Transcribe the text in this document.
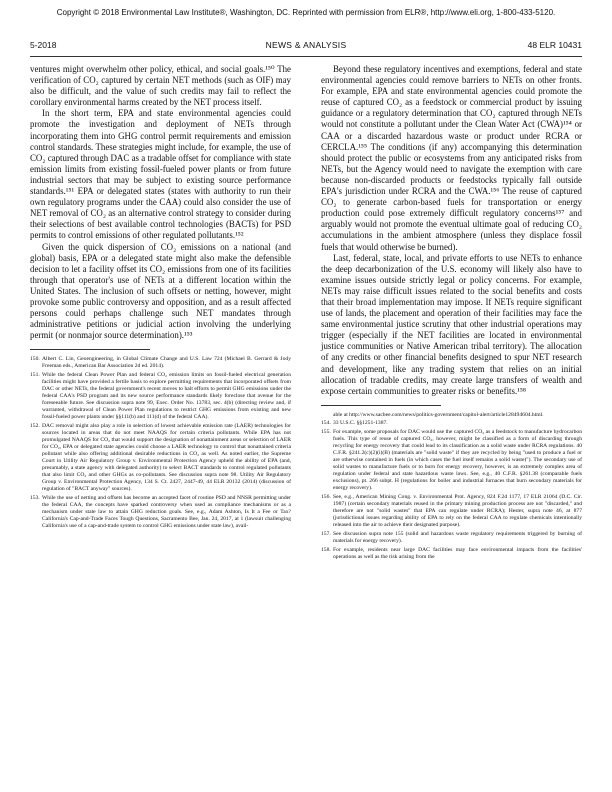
Copyright © 2018 Environmental Law Institute®, Washington, DC. Reprinted with permission from ELR®, http://www.eli.org, 1-800-433-5120.
5-2018	NEWS & ANALYSIS	48 ELR 10431

ventures might overwhelm other policy, ethical, and social goals.¹⁵⁰ The verification of CO₂ captured by certain NET methods (such as OIF) may also be difficult, and the value of such credits may fail to reflect the corollary environmental harms created by the NET process itself.

In the short term, EPA and state environmental agencies could promote the investigation and deployment of NETs through incorporating them into GHG control permit requirements and emission control standards. These strategies might include, for example, the use of CO₂ captured through DAC as a tradable offset for compliance with state emission limits from existing fossil-fueled power plants or from future industrial sectors that may be subject to existing source performance standards.¹⁵¹ EPA or delegated states (states with authority to run their own regulatory programs under the CAA) could also consider the use of NET removal of CO₂ as an alternative control strategy to consider during their selections of best available control technologies (BACTs) for PSD permits to control emissions of other regulated pollutants.¹⁵²

Given the quick dispersion of CO₂ emissions on a national (and global) basis, EPA or a delegated state might also make the defensible decision to let a facility offset its CO₂ emissions from one of its facilities through that operator's use of NETs at a different location within the United States. The inclusion of such offsets or netting, however, might provoke some public controversy and opposition, and as a result affected persons could perhaps challenge such NET mandates through administrative petitions or judicial action involving the underlying permit (or nonmajor source determination).¹⁵³

150. Albert C. Lin, Geoengineering, in Global Climate Change and U.S. Law 724 (Michael B. Gerrard & Jody Freeman eds., American Bar Association 2d ed. 2014).
151. While the federal Clean Power Plan and federal CO₂ emission limits on fossil-fueled electrical generation facilities might have provided a fertile basis to explore permitting requirements that incorporated offsets from DAC or other NETs, the federal government's recent moves to halt efforts to permit GHG emissions under the federal CAA's PSD program and its new source performance standards likely foreclose that avenue for the foreseeable future. See discussion supra note 99, Exec. Order No. 13783, sec. 4(b) (directing review and, if warranted, withdrawal of Clean Power Plan regulations to restrict GHG emissions from existing and new fossil-fueled power plants under §§111(b) and 111(d) of the federal CAA).
152. DAC removal might also play a role in selection of lowest achievable emission rate (LAER) technologies for sources located in areas that do not meet NAAQS for certain criteria pollutants. While EPA has not promulgated NAAQS for CO₂ that would support the designation of nonattainment areas or selection of LAER for CO₂, EPA or delegated state agencies could choose a LAER technology to control that nonattained criteria pollutant while also offering additional desirable reductions in CO₂ as well. As noted earlier, the Supreme Court in Utility Air Regulatory Group v. Environmental Protection Agency upheld the ability of EPA (and, presumably, a state agency with delegated authority) to select BACT standards to control regulated pollutants that also limit CO₂ and other GHGs as co-pollutants. See discussion supra note 98. Utility Air Regulatory Group v. Environmental Protection Agency, 134 S. Ct. 2427, 2447-49, 44 ELR 20132 (2014) (discussion of regulation of "BACT anyway" sources).
153. While the use of netting and offsets has become an accepted facet of routine PSD and NNSR permitting under the federal CAA, the concepts have sparked controversy when used as compliance mechanisms or as a mechanism under state law to attain GHG reduction goals. See, e.g., Adam Ashton, Is It a Fee or Tax? California's Cap-and-Trade Faces Tough Questions, Sacramento Bee, Jan. 24, 2017, at 1 (lawsuit challenging California's use of a cap-and-trade system to control GHG emissions under state law), avail-

Beyond these regulatory incentives and exemptions, federal and state environmental agencies could remove barriers to NETs on other fronts. For example, EPA and state environmental agencies could promote the reuse of captured CO₂ as a feedstock or commercial product by issuing guidance or a regulatory determination that CO₂ captured through NETs would not constitute a pollutant under the Clean Water Act (CWA)¹⁵⁴ or CAA or a discarded hazardous waste or product under RCRA or CERCLA.¹⁵⁵ The conditions (if any) accompanying this determination should protect the public or ecosystems from any anticipated risks from NETs, but the Agency would need to navigate the exemption with care because non-discarded products or feedstocks typically fall outside EPA's jurisdiction under RCRA and the CWA.¹⁵⁶ The reuse of captured CO₂ to generate carbon-based fuels for transportation or energy production could pose extremely difficult regulatory concerns¹⁵⁷ and arguably would not promote the eventual ultimate goal of reducing CO₂ accumulations in the ambient atmosphere (unless they displace fossil fuels that would otherwise be burned).

Last, federal, state, local, and private efforts to use NETs to enhance the deep decarbonization of the U.S. economy will likely also have to examine issues outside strictly legal or policy concerns. For example, NETs may raise difficult issues related to the social benefits and costs that their broad implementation may impose. If NETs require significant use of lands, the placement and operation of their facilities may face the same environmental justice scrutiny that other industrial operations may trigger (especially if the NET facilities are located in environmental justice communities or Native American tribal territory). The allocation of any credits or other financial benefits designed to spur NET research and development, like any trading system that relies on an initial allocation of tradable credits, may create large transfers of wealth and expose certain communities to greater risks or benefits.¹⁵⁸

able at http://www.sacbee.com/news/politics-government/capitol-alert/article128494604.html.

154. 33 U.S.C. §§1251-1387.
155. For example, some proposals for DAC would use the captured CO₂ as a feedstock to manufacture hydrocarbon fuels. This type of reuse of captured CO₂, however, might be classified as a form of discarding through recycling for energy recovery that could lead to its classification as a solid waste under RCRA regulations. 40 C.F.R. §241.2(c)(2)(i)(B) (materials are "solid waste" if they are recycled by being "used to produce a fuel or are otherwise contained in fuels (in which cases the fuel itself remains a solid waste)"). The secondary use of solid wastes to manufacture fuels or to burn for energy recovery, however, is an extremely complex area of regulation under federal and state hazardous waste laws. See, e.g., 40 C.F.R. §261.38 (comparable fuels exclusions), pt. 266 subpt. H (regulations for boiler and industrial furnaces that burn secondary materials for energy recovery).
156. See, e.g., American Mining Cong. v. Environmental Prot. Agency, 824 F.2d 1177, 17 ELR 21064 (D.C. Cir. 1987) (certain secondary materials reused in the primary mining production process are not "discarded," and therefore are not "solid wastes" that EPA can regulate under RCRA); Hester, supra note 46, at 877 (jurisdictional issues regarding ability of EPA to rely on the federal CAA to regulate chemicals intentionally released into the air to achieve their designated purpose).
157. See discussion supra note 155 (solid and hazardous waste regulatory requirements triggered by burning of materials for energy recovery).
158. For example, residents near large DAC facilities may face environmental impacts from the facilities' operations as well as the risk arising from the
